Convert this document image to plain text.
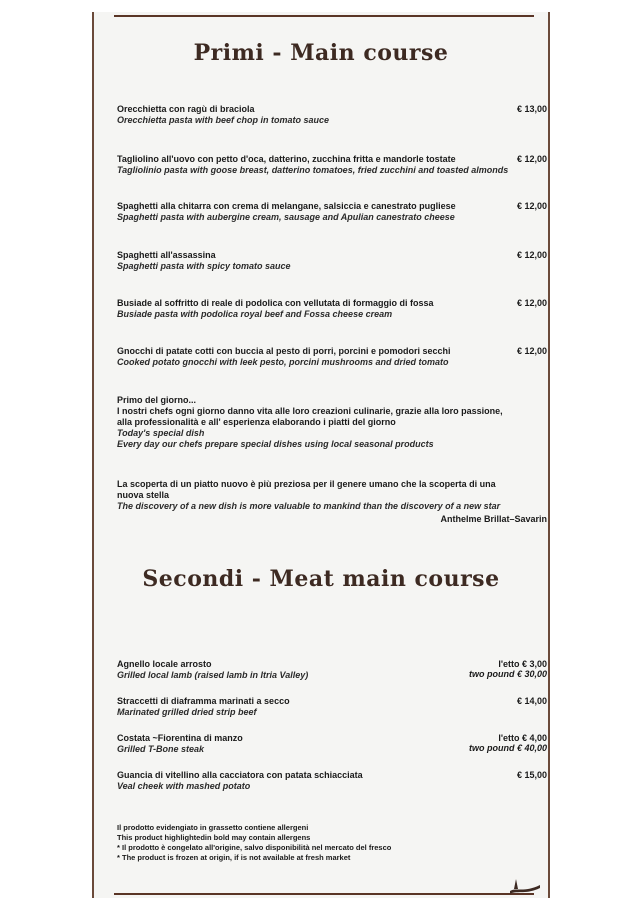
Primi - Main course
Orecchietta con ragù di braciola
Orecchietta pasta with beef chop in tomato sauce
€ 13,00
Tagliolino all'uovo con petto d'oca, datterino, zucchina fritta e mandorle tostate
Tagliolinio pasta with goose breast, datterino tomatoes, fried zucchini and toasted almonds
€ 12,00
Spaghetti alla chitarra con crema di melangane, salsiccia e canestrato pugliese
Spaghetti pasta with aubergine cream, sausage and Apulian canestrato cheese
€ 12,00
Spaghetti all'assassina
Spaghetti pasta with spicy tomato sauce
€ 12,00
Busiade al soffritto di reale di podolica con vellutata di formaggio di fossa
Busiade pasta with podolica royal beef and Fossa cheese cream
€ 12,00
Gnocchi di patate cotti con buccia al pesto di porri, porcini e pomodori secchi
Cooked potato gnocchi with leek pesto, porcini mushrooms and dried tomato
€ 12,00
Primo del giorno...
I nostri chefs ogni giorno danno vita alle loro creazioni culinarie, grazie alla loro passione,
alla professionalità e all' esperienza elaborando i piatti del giorno
Today's special dish
Every day our chefs prepare special dishes using local seasonal products
La scoperta di un piatto nuovo è più preziosa per il genere umano che la scoperta di una
nuova stella
The discovery of a new dish is more valuable to mankind than the discovery of a new star
Anthelme Brillat–Savarin
Secondi - Meat main course
Agnello locale arrosto
Grilled local lamb (raised lamb in Itria Valley)
l'etto € 3,00
two pound € 30,00
Straccetti di diaframma marinati a secco
Marinated grilled dried strip beef
€ 14,00
Costata ~Fiorentina di manzo
Grilled T-Bone steak
l'etto € 4,00
two pound € 40,00
Guancia di vitellino alla cacciatora con patata schiacciata
Veal cheek with mashed potato
€ 15,00
Il prodotto evidengiato in grassetto contiene allergeni
This product highlightedin bold may contain allergens
* Il prodotto è congelato all'origine, salvo disponibilità nel mercato del fresco
* The product is frozen at origin, if is not available at fresh market
